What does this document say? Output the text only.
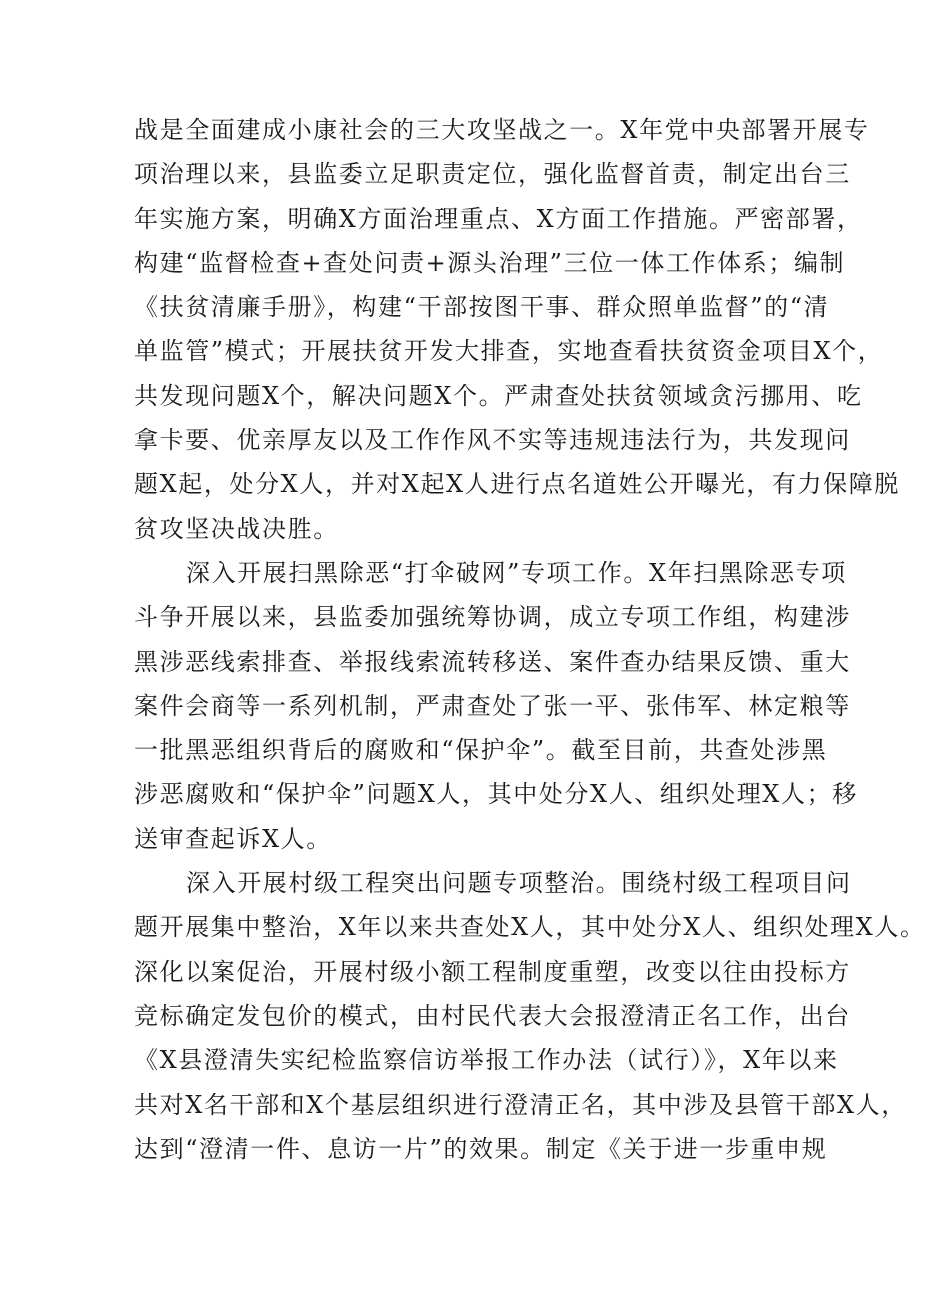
战是全面建成小康社会的三大攻坚战之一。X年党中央部署开展专
项治理以来，县监委立足职责定位，强化监督首责，制定出台三
年实施方案，明确X方面治理重点、X方面工作措施。严密部署，
构建“监督检查+查处问责+源头治理”三位一体工作体系；编制
《扶贫清廉手册》，构建“干部按图干事、群众照单监督”的“清
单监管”模式；开展扶贫开发大排查，实地查看扶贫资金项目X个，
共发现问题X个，解决问题X个。严肃查处扶贫领域贪污挪用、吃
拿卡要、优亲厚友以及工作作风不实等违规违法行为，共发现问
题X起，处分X人，并对X起X人进行点名道姓公开曝光，有力保障脱
贫攻坚决战决胜。
深入开展扫黑除恶“打伞破网”专项工作。X年扫黑除恶专项
斗争开展以来，县监委加强统筹协调，成立专项工作组，构建涉
黑涉恶线索排查、举报线索流转移送、案件查办结果反馈、重大
案件会商等一系列机制，严肃查处了张一平、张伟军、林定粮等
一批黑恶组织背后的腐败和“保护伞”。截至目前，共查处涉黑
涉恶腐败和“保护伞”问题X人，其中处分X人、组织处理X人；移
送审查起诉X人。
深入开展村级工程突出问题专项整治。围绕村级工程项目问
题开展集中整治，X年以来共查处X人，其中处分X人、组织处理X人。
深化以案促治，开展村级小额工程制度重塑，改变以往由投标方
竞标确定发包价的模式，由村民代表大会报澄清正名工作，出台
《X县澄清失实纪检监察信访举报工作办法（试行）》，X年以来
共对X名干部和X个基层组织进行澄清正名，其中涉及县管干部X人，
达到“澄清一件、息访一片”的效果。制定《关于进一步重申规
